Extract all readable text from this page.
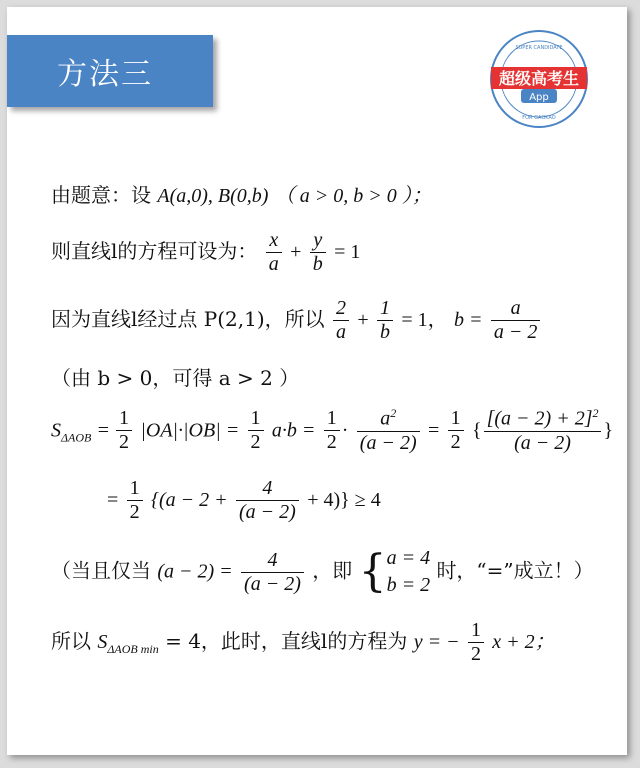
方法三	超级高考生
App
SUPER CANDIDATE
FOR GAOKAO
由题意：设 A(a,0), B(0,b) （ a > 0, b > 0 ）；
则直线l的方程可设为： $\frac{x}{a} + \frac{y}{b} = 1$
因为直线l经过点 P(2,1)，所以 $\frac{2}{a} + \frac{1}{b} = 1$， $b = \frac{a}{a - 2}$
（由 b > 0，可得 a > 2 ）
$S_{\Delta AOB} = \frac{1}{2} |OA|\cdot|OB| = \frac{1}{2} a\cdot b = \frac{1}{2} \cdot \frac{a^2}{(a - 2)} = \frac{1}{2}$ { $\frac{[(a - 2) + 2]^2}{(a - 2)}$ }
= $\frac{1}{2} \{(a - 2 + \frac{4}{(a - 2)} + 4)\} \ge 4$
（当且仅当 $(a - 2) = \frac{4}{(a - 2)}$ ，即 { a = 4
b = 2
时，“=”成立！）
所以 $S_{\Delta AOB min} = 4$，此时，直线l的方程为 y = − $\frac{1}{2}$ x + 2；
